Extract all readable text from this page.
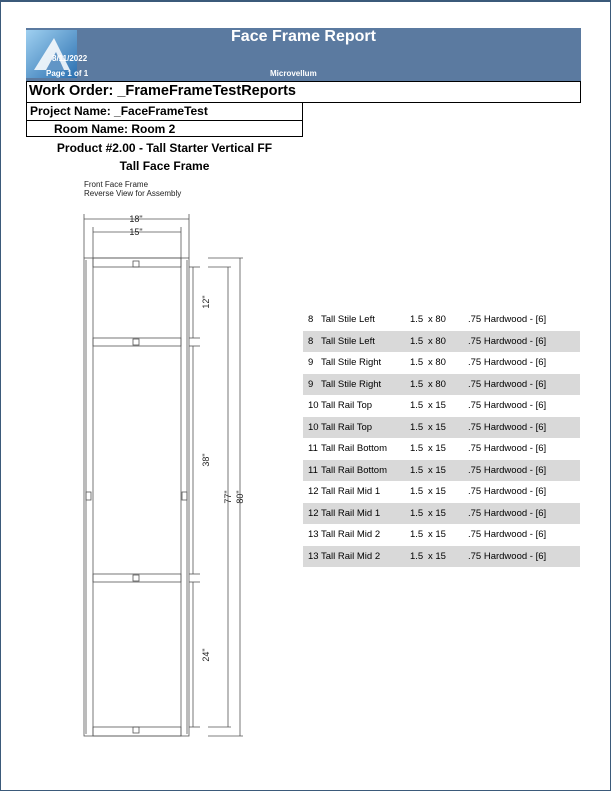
Face Frame Report
8/11/2022
Page 1 of 1	Microvellum
Work Order: _FrameFrameTestReports
Project Name: _FaceFrameTest
Room Name: Room 2
Product #2.00 - Tall Starter Vertical FF
Tall Face Frame
Front Face Frame
Reverse View for Assembly
18"
15"
12"
38"
24"
77" 80"
8	Tall Stile Left	1.5	x 80	.75 Hardwood - [6]
8	Tall Stile Left	1.5	x 80	.75 Hardwood - [6]
9	Tall Stile Right	1.5	x 80	.75 Hardwood - [6]
9	Tall Stile Right	1.5	x 80	.75 Hardwood - [6]
10	Tall Rail Top	1.5	x 15	.75 Hardwood - [6]
10	Tall Rail Top	1.5	x 15	.75 Hardwood - [6]
11	Tall Rail Bottom	1.5	x 15	.75 Hardwood - [6]
11	Tall Rail Bottom	1.5	x 15	.75 Hardwood - [6]
12	Tall Rail Mid 1	1.5	x 15	.75 Hardwood - [6]
12	Tall Rail Mid 1	1.5	x 15	.75 Hardwood - [6]
13	Tall Rail Mid 2	1.5	x 15	.75 Hardwood - [6]
13	Tall Rail Mid 2	1.5	x 15	.75 Hardwood - [6]
